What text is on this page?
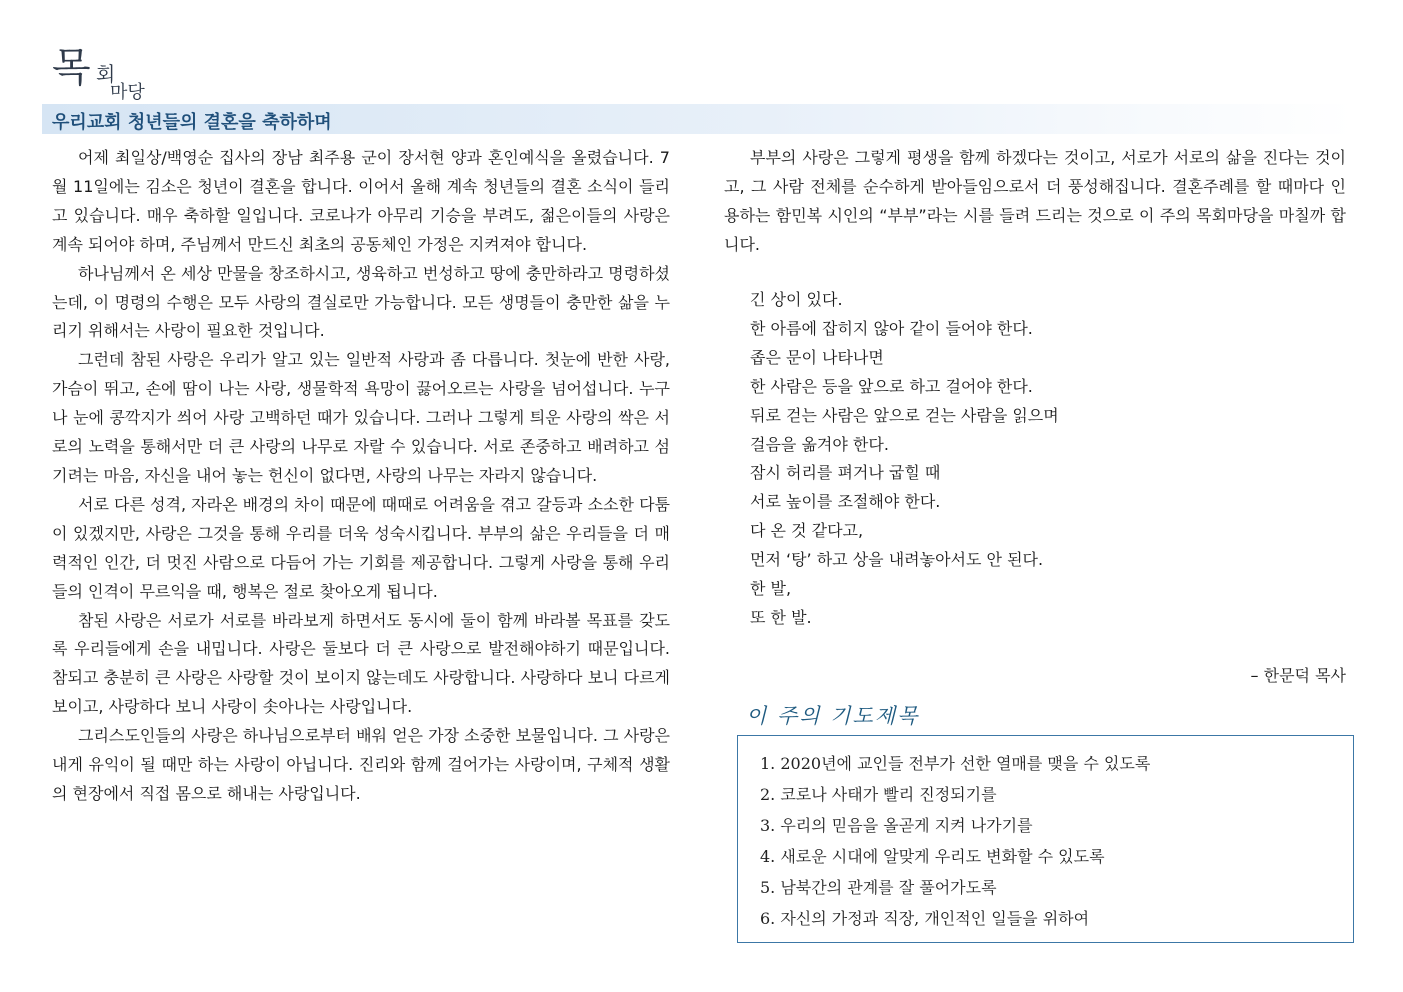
목 회
마당
우리교회 청년들의 결혼을 축하하며

어제 최일상/백영순 집사의 장남 최주용 군이 장서현 양과 혼인예식을 올렸습니다. 7월 11일에는 김소은 청년이 결혼을 합니다. 이어서 올해 계속 청년들의 결혼 소식이 들리고 있습니다. 매우 축하할 일입니다. 코로나가 아무리 기승을 부려도, 젊은이들의 사랑은 계속 되어야 하며, 주님께서 만드신 최초의 공동체인 가정은 지켜져야 합니다.

하나님께서 온 세상 만물을 창조하시고, 생육하고 번성하고 땅에 충만하라고 명령하셨는데, 이 명령의 수행은 모두 사랑의 결실로만 가능합니다. 모든 생명들이 충만한 삶을 누리기 위해서는 사랑이 필요한 것입니다.

그런데 참된 사랑은 우리가 알고 있는 일반적 사랑과 좀 다릅니다. 첫눈에 반한 사랑, 가슴이 뛰고, 손에 땀이 나는 사랑, 생물학적 욕망이 끓어오르는 사랑을 넘어섭니다. 누구나 눈에 콩깍지가 씌어 사랑 고백하던 때가 있습니다. 그러나 그렇게 틔운 사랑의 싹은 서로의 노력을 통해서만 더 큰 사랑의 나무로 자랄 수 있습니다. 서로 존중하고 배려하고 섬기려는 마음, 자신을 내어 놓는 헌신이 없다면, 사랑의 나무는 자라지 않습니다.

서로 다른 성격, 자라온 배경의 차이 때문에 때때로 어려움을 겪고 갈등과 소소한 다툼이 있겠지만, 사랑은 그것을 통해 우리를 더욱 성숙시킵니다. 부부의 삶은 우리들을 더 매력적인 인간, 더 멋진 사람으로 다듬어 가는 기회를 제공합니다. 그렇게 사랑을 통해 우리들의 인격이 무르익을 때, 행복은 절로 찾아오게 됩니다.

참된 사랑은 서로가 서로를 바라보게 하면서도 동시에 둘이 함께 바라볼 목표를 갖도록 우리들에게 손을 내밉니다. 사랑은 둘보다 더 큰 사랑으로 발전해야하기 때문입니다. 참되고 충분히 큰 사랑은 사랑할 것이 보이지 않는데도 사랑합니다. 사랑하다 보니 다르게 보이고, 사랑하다 보니 사랑이 솟아나는 사랑입니다.

그리스도인들의 사랑은 하나님으로부터 배워 얻은 가장 소중한 보물입니다. 그 사랑은 내게 유익이 될 때만 하는 사랑이 아닙니다. 진리와 함께 걸어가는 사랑이며, 구체적 생활의 현장에서 직접 몸으로 해내는 사랑입니다.

부부의 사랑은 그렇게 평생을 함께 하겠다는 것이고, 서로가 서로의 삶을 진다는 것이고, 그 사람 전체를 순수하게 받아들임으로서 더 풍성해집니다. 결혼주례를 할 때마다 인용하는 함민복 시인의 “부부”라는 시를 들려 드리는 것으로 이 주의 목회마당을 마칠까 합니다.

긴 상이 있다.
한 아름에 잡히지 않아 같이 들어야 한다.
좁은 문이 나타나면
한 사람은 등을 앞으로 하고 걸어야 한다.
뒤로 걷는 사람은 앞으로 걷는 사람을 읽으며
걸음을 옮겨야 한다.
잠시 허리를 펴거나 굽힐 때
서로 높이를 조절해야 한다.
다 온 것 같다고,
먼저 ‘탕’ 하고 상을 내려놓아서도 안 된다.
한 발,
또 한 발.
– 한문덕 목사
이 주의 기도제목
1. 2020년에 교인들 전부가 선한 열매를 맺을 수 있도록
2. 코로나 사태가 빨리 진정되기를
3. 우리의 믿음을 올곧게 지켜 나가기를
4. 새로운 시대에 알맞게 우리도 변화할 수 있도록
5. 남북간의 관계를 잘 풀어가도록
6. 자신의 가정과 직장, 개인적인 일들을 위하여
